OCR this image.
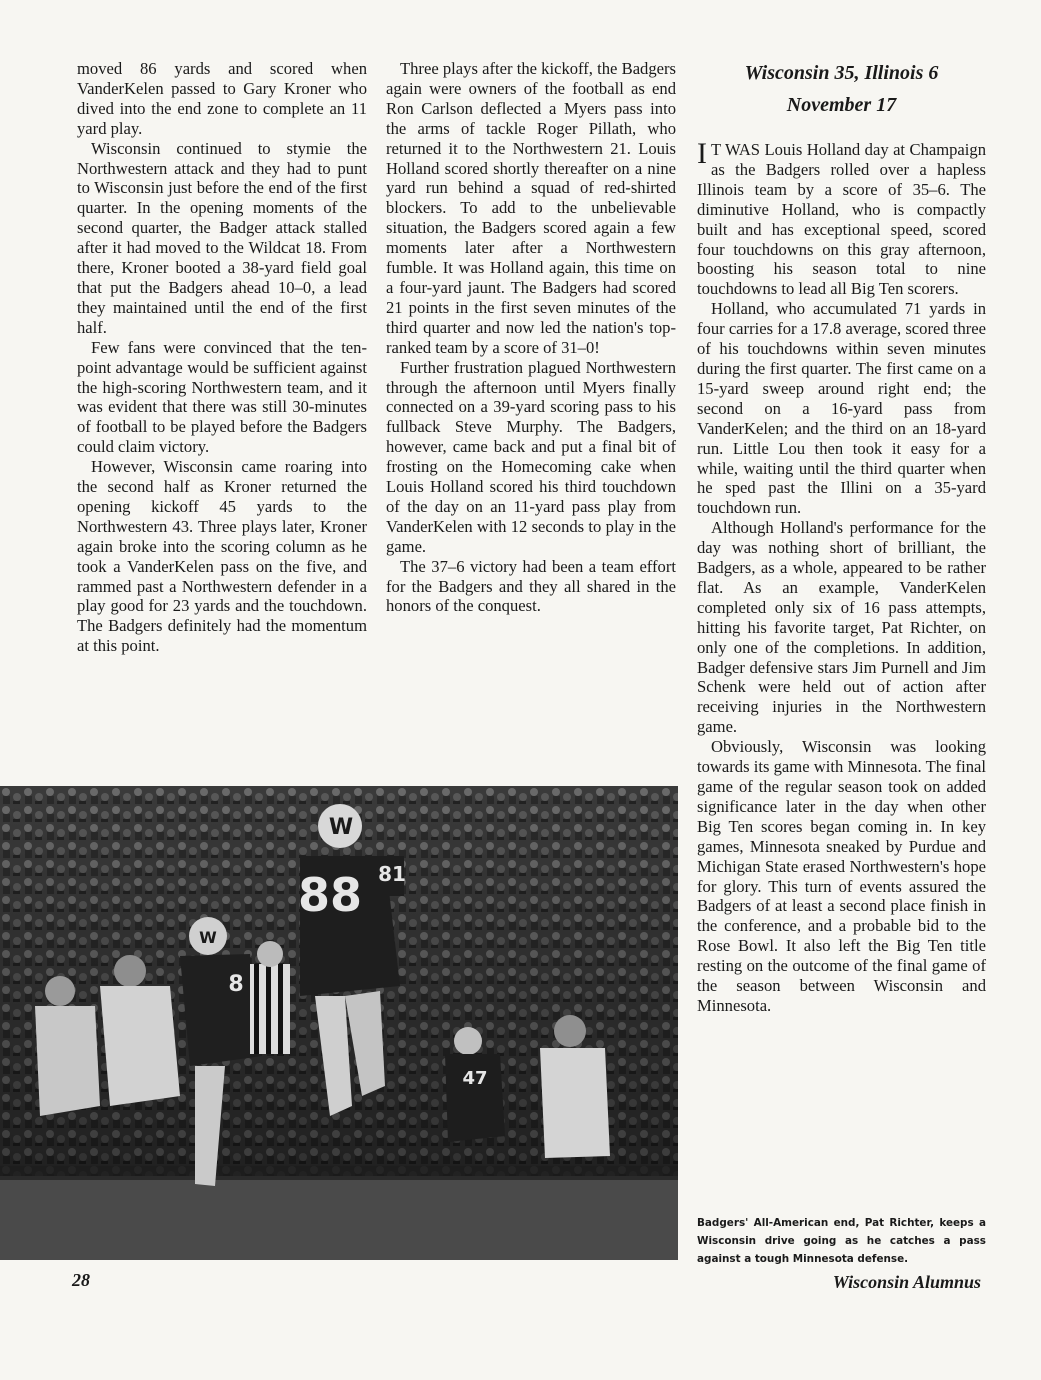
moved 86 yards and scored when VanderKelen passed to Gary Kroner who dived into the end zone to complete an 11 yard play.

Wisconsin continued to stymie the Northwestern attack and they had to punt to Wisconsin just before the end of the first quarter. In the opening moments of the second quarter, the Badger attack stalled after it had moved to the Wildcat 18. From there, Kroner booted a 38-yard field goal that put the Badgers ahead 10–0, a lead they maintained until the end of the first half.

Few fans were convinced that the ten-point advantage would be sufficient against the high-scoring Northwestern team, and it was evident that there was still 30-minutes of football to be played before the Badgers could claim victory.

However, Wisconsin came roaring into the second half as Kroner returned the opening kickoff 45 yards to the Northwestern 43. Three plays later, Kroner again broke into the scoring column as he took a VanderKelen pass on the five, and rammed past a Northwestern defender in a play good for 23 yards and the touchdown. The Badgers definitely had the momentum at this point.

Three plays after the kickoff, the Badgers again were owners of the football as end Ron Carlson deflected a Myers pass into the arms of tackle Roger Pillath, who returned it to the Northwestern 21. Louis Holland scored shortly thereafter on a nine yard run behind a squad of red-shirted blockers. To add to the unbelievable situation, the Badgers scored again a few moments later after a Northwestern fumble. It was Holland again, this time on a four-yard jaunt. The Badgers had scored 21 points in the first seven minutes of the third quarter and now led the nation's top-ranked team by a score of 31–0!

Further frustration plagued Northwestern through the afternoon until Myers finally connected on a 39-yard scoring pass to his fullback Steve Murphy. The Badgers, however, came back and put a final bit of frosting on the Homecoming cake when Louis Holland scored his third touchdown of the day on an 11-yard pass play from VanderKelen with 12 seconds to play in the game.

The 37–6 victory had been a team effort for the Badgers and they all shared in the honors of the conquest.

Wisconsin 35, Illinois 6
November 17

I T WAS Louis Holland day at Champaign as the Badgers rolled over a hapless Illinois team by a score of 35–6. The diminutive Holland, who is compactly built and has exceptional speed, scored four touchdowns on this gray afternoon, boosting his season total to nine touchdowns to lead all Big Ten scorers.

Holland, who accumulated 71 yards in four carries for a 17.8 average, scored three of his touchdowns within seven minutes during the first quarter. The first came on a 15-yard sweep around right end; the second on a 16-yard pass from VanderKelen; and the third on an 18-yard run. Little Lou then took it easy for a while, waiting until the third quarter when he sped past the Illini on a 35-yard touchdown run.

Although Holland's performance for the day was nothing short of brilliant, the Badgers, as a whole, appeared to be rather flat. As an example, VanderKelen completed only six of 16 pass attempts, hitting his favorite target, Pat Richter, on only one of the completions. In addition, Badger defensive stars Jim Purnell and Jim Schenk were held out of action after receiving injuries in the Northwestern game.

Obviously, Wisconsin was looking towards its game with Minnesota. The final game of the regular season took on added significance later in the day when other Big Ten scores began coming in. In key games, Minnesota sneaked by Purdue and Michigan State erased Northwestern's hope for glory. This turn of events assured the Badgers of at least a second place finish in the conference, and a probable bid to the Rose Bowl. It also left the Big Ten title resting on the outcome of the final game of the season between Wisconsin and Minnesota.

W
88 81
W
8
47

Badgers' All-American end, Pat Richter, keeps a Wisconsin drive going as he catches a pass against a tough Minnesota defense.

28	Wisconsin Alumnus
